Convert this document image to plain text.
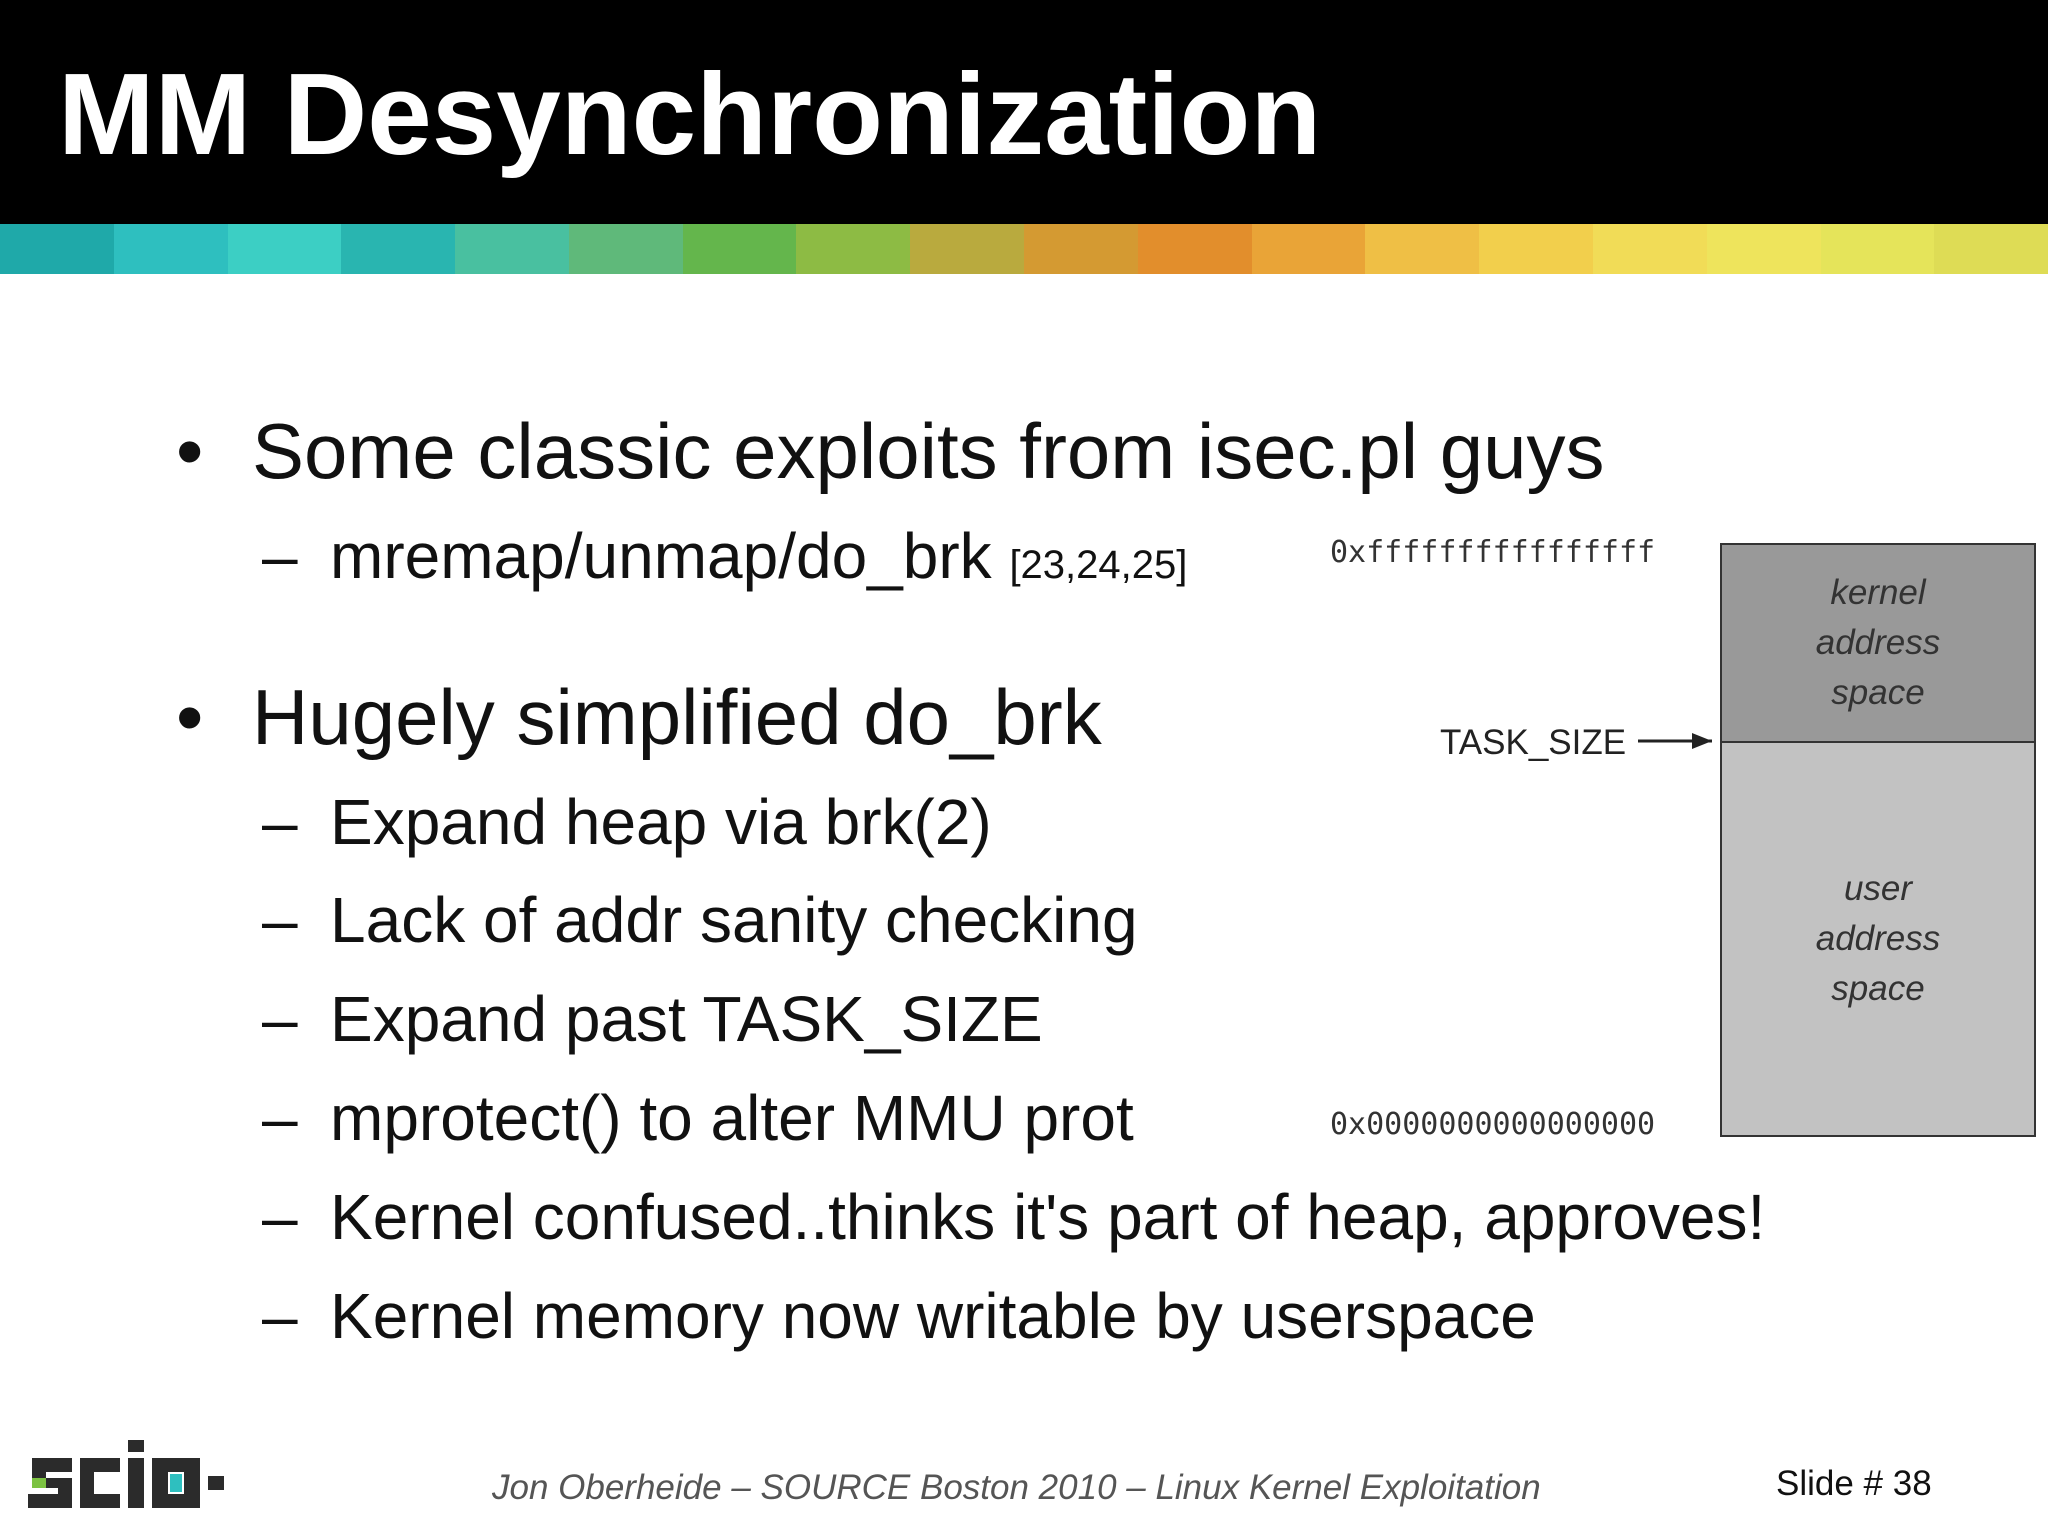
MM Desynchronization
• Some classic exploits from isec.pl guys
– mremap/unmap/do_brk [23,24,25]
• Hugely simplified do_brk
– Expand heap via brk(2)
– Lack of addr sanity checking
– Expand past TASK_SIZE
– mprotect() to alter MMU prot
– Kernel confused..thinks it's part of heap, approves!
– Kernel memory now writable by userspace
0xffffffffffffffff
0x0000000000000000
TASK_SIZE
kernel
address
space
user
address
space
Jon Oberheide – SOURCE Boston 2010 – Linux Kernel Exploitation	Slide # 38
